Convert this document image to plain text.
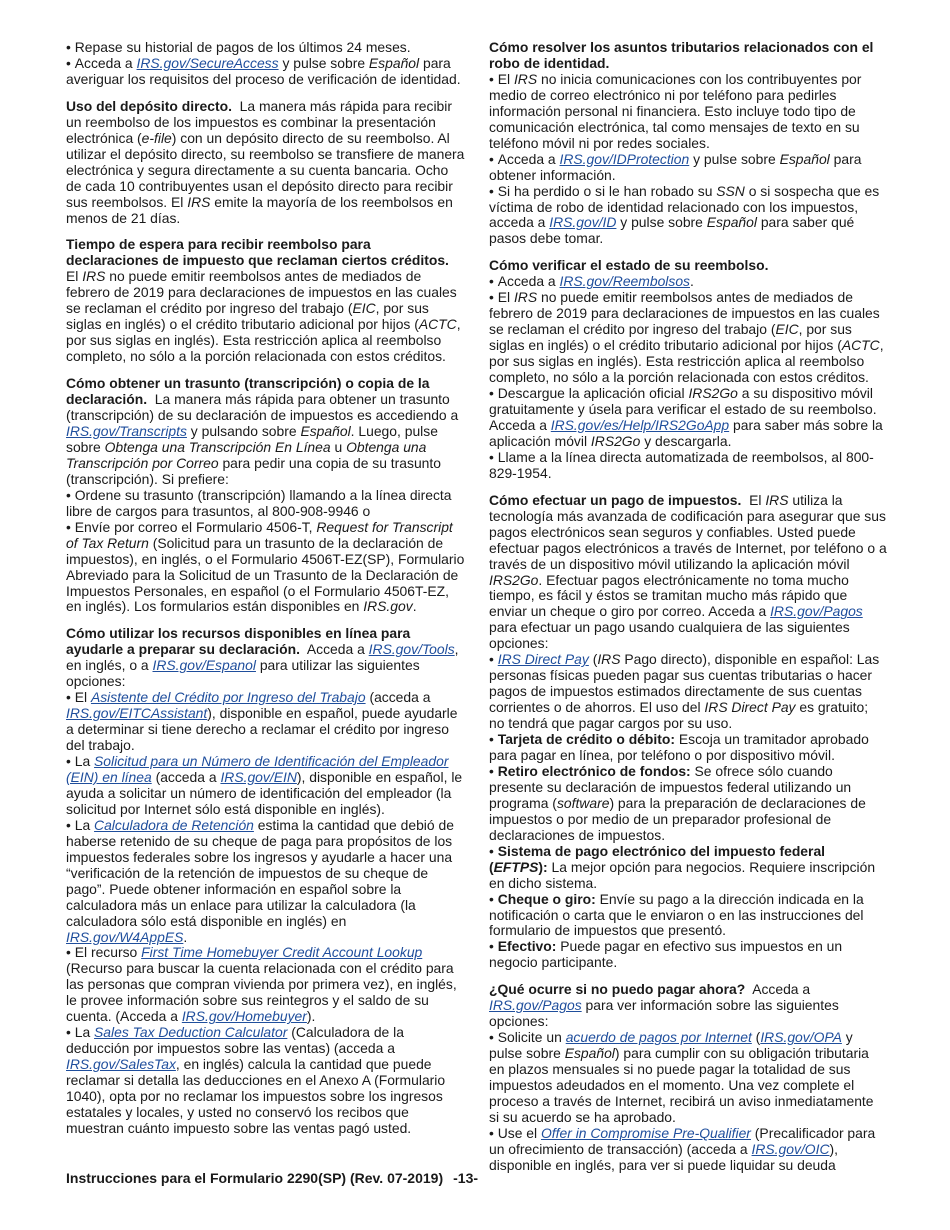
• Repase su historial de pagos de los últimos 24 meses.

• Acceda a IRS.gov/SecureAccess y pulse sobre Español para averiguar los requisitos del proceso de verificación de identidad.

Uso del depósito directo. La manera más rápida para recibir un reembolso de los impuestos es combinar la presentación electrónica (e-file) con un depósito directo de su reembolso. Al utilizar el depósito directo, su reembolso se transfiere de manera electrónica y segura directamente a su cuenta bancaria. Ocho de cada 10 contribuyentes usan el depósito directo para recibir sus reembolsos. El IRS emite la mayoría de los reembolsos en menos de 21 días.

Tiempo de espera para recibir reembolso para declaraciones de impuesto que reclaman ciertos créditos.  El IRS no puede emitir reembolsos antes de mediados de febrero de 2019 para declaraciones de impuestos en las cuales se reclaman el crédito por ingreso del trabajo (EIC, por sus siglas en inglés) o el crédito tributario adicional por hijos (ACTC, por sus siglas en inglés). Esta restricción aplica al reembolso completo, no sólo a la porción relacionada con estos créditos.

Cómo obtener un trasunto (transcripción) o copia de la declaración. La manera más rápida para obtener un trasunto (transcripción) de su declaración de impuestos es accediendo a IRS.gov/Transcripts y pulsando sobre Español. Luego, pulse sobre Obtenga una Transcripción En Línea u Obtenga una Transcripción por Correo para pedir una copia de su trasunto (transcripción). Si prefiere:

• Ordene su trasunto (transcripción) llamando a la línea directa libre de cargos para trasuntos, al 800-908-9946 o

• Envíe por correo el Formulario 4506-T, Request for Transcript of Tax Return (Solicitud para un trasunto de la declaración de impuestos), en inglés, o el Formulario 4506T-EZ(SP), Formulario Abreviado para la Solicitud de un Trasunto de la Declaración de Impuestos Personales, en español (o el Formulario 4506T-EZ, en inglés). Los formularios están disponibles en IRS.gov.

Cómo utilizar los recursos disponibles en línea para ayudarle a preparar su declaración. Acceda a IRS.gov/Tools, en inglés, o a IRS.gov/Espanol para utilizar las siguientes opciones:

• El Asistente del Crédito por Ingreso del Trabajo (acceda a IRS.gov/EITCAssistant), disponible en español, puede ayudarle a determinar si tiene derecho a reclamar el crédito por ingreso del trabajo.

• La Solicitud para un Número de Identificación del Empleador (EIN) en línea (acceda a IRS.gov/EIN), disponible en español, le ayuda a solicitar un número de identificación del empleador (la solicitud por Internet sólo está disponible en inglés).

• La Calculadora de Retención estima la cantidad que debió de haberse retenido de su cheque de paga para propósitos de los impuestos federales sobre los ingresos y ayudarle a hacer una “verificación de la retención de impuestos de su cheque de pago”. Puede obtener información en español sobre la calculadora más un enlace para utilizar la calculadora (la calculadora sólo está disponible en inglés) en IRS.gov/W4AppES.

• El recurso First Time Homebuyer Credit Account Lookup (Recurso para buscar la cuenta relacionada con el crédito para las personas que compran vivienda por primera vez), en inglés, le provee información sobre sus reintegros y el saldo de su cuenta. (Acceda a IRS.gov/Homebuyer).

• La Sales Tax Deduction Calculator (Calculadora de la deducción por impuestos sobre las ventas) (acceda a IRS.gov/SalesTax, en inglés) calcula la cantidad que puede reclamar si detalla las deducciones en el Anexo A (Formulario 1040), opta por no reclamar los impuestos sobre los ingresos estatales y locales, y usted no conservó los recibos que muestran cuánto impuesto sobre las ventas pagó usted.

Cómo resolver los asuntos tributarios relacionados con el robo de identidad.

• El IRS no inicia comunicaciones con los contribuyentes por medio de correo electrónico ni por teléfono para pedirles información personal ni financiera. Esto incluye todo tipo de comunicación electrónica, tal como mensajes de texto en su teléfono móvil ni por redes sociales.

• Acceda a IRS.gov/IDProtection y pulse sobre Español para obtener información.

• Si ha perdido o si le han robado su SSN o si sospecha que es víctima de robo de identidad relacionado con los impuestos, acceda a IRS.gov/ID y pulse sobre Español para saber qué pasos debe tomar.

Cómo verificar el estado de su reembolso.

• Acceda a IRS.gov/Reembolsos.

• El IRS no puede emitir reembolsos antes de mediados de febrero de 2019 para declaraciones de impuestos en las cuales se reclaman el crédito por ingreso del trabajo (EIC, por sus siglas en inglés) o el crédito tributario adicional por hijos (ACTC, por sus siglas en inglés). Esta restricción aplica al reembolso completo, no sólo a la porción relacionada con estos créditos.

• Descargue la aplicación oficial IRS2Go a su dispositivo móvil gratuitamente y úsela para verificar el estado de su reembolso. Acceda a IRS.gov/es/Help/IRS2GoApp para saber más sobre la aplicación móvil IRS2Go y descargarla.

• Llame a la línea directa automatizada de reembolsos, al 800-829-1954.

Cómo efectuar un pago de impuestos. El IRS utiliza la tecnología más avanzada de codificación para asegurar que sus pagos electrónicos sean seguros y confiables. Usted puede efectuar pagos electrónicos a través de Internet, por teléfono o a través de un dispositivo móvil utilizando la aplicación móvil IRS2Go. Efectuar pagos electrónicamente no toma mucho tiempo, es fácil y éstos se tramitan mucho más rápido que enviar un cheque o giro por correo. Acceda a IRS.gov/Pagos para efectuar un pago usando cualquiera de las siguientes opciones:

• IRS Direct Pay (IRS Pago directo), disponible en español: Las personas físicas pueden pagar sus cuentas tributarias o hacer pagos de impuestos estimados directamente de sus cuentas corrientes o de ahorros. El uso del IRS Direct Pay es gratuito; no tendrá que pagar cargos por su uso.

• Tarjeta de crédito o débito: Escoja un tramitador aprobado para pagar en línea, por teléfono o por dispositivo móvil.

• Retiro electrónico de fondos: Se ofrece sólo cuando presente su declaración de impuestos federal utilizando un programa (software) para la preparación de declaraciones de impuestos o por medio de un preparador profesional de declaraciones de impuestos.

• Sistema de pago electrónico del impuesto federal (EFTPS): La mejor opción para negocios. Requiere inscripción en dicho sistema.

• Cheque o giro: Envíe su pago a la dirección indicada en la notificación o carta que le enviaron o en las instrucciones del formulario de impuestos que presentó.

• Efectivo: Puede pagar en efectivo sus impuestos en un negocio participante.

¿Qué ocurre si no puedo pagar ahora? Acceda a IRS.gov/Pagos para ver información sobre las siguientes opciones:

• Solicite un acuerdo de pagos por Internet (IRS.gov/OPA y pulse sobre Español) para cumplir con su obligación tributaria en plazos mensuales si no puede pagar la totalidad de sus impuestos adeudados en el momento. Una vez complete el proceso a través de Internet, recibirá un aviso inmediatamente si su acuerdo se ha aprobado.

• Use el Offer in Compromise Pre-Qualifier (Precalificador para un ofrecimiento de transacción) (acceda a IRS.gov/OIC), disponible en inglés, para ver si puede liquidar su deuda

Instrucciones para el Formulario 2290(SP) (Rev. 07-2019) -13-
